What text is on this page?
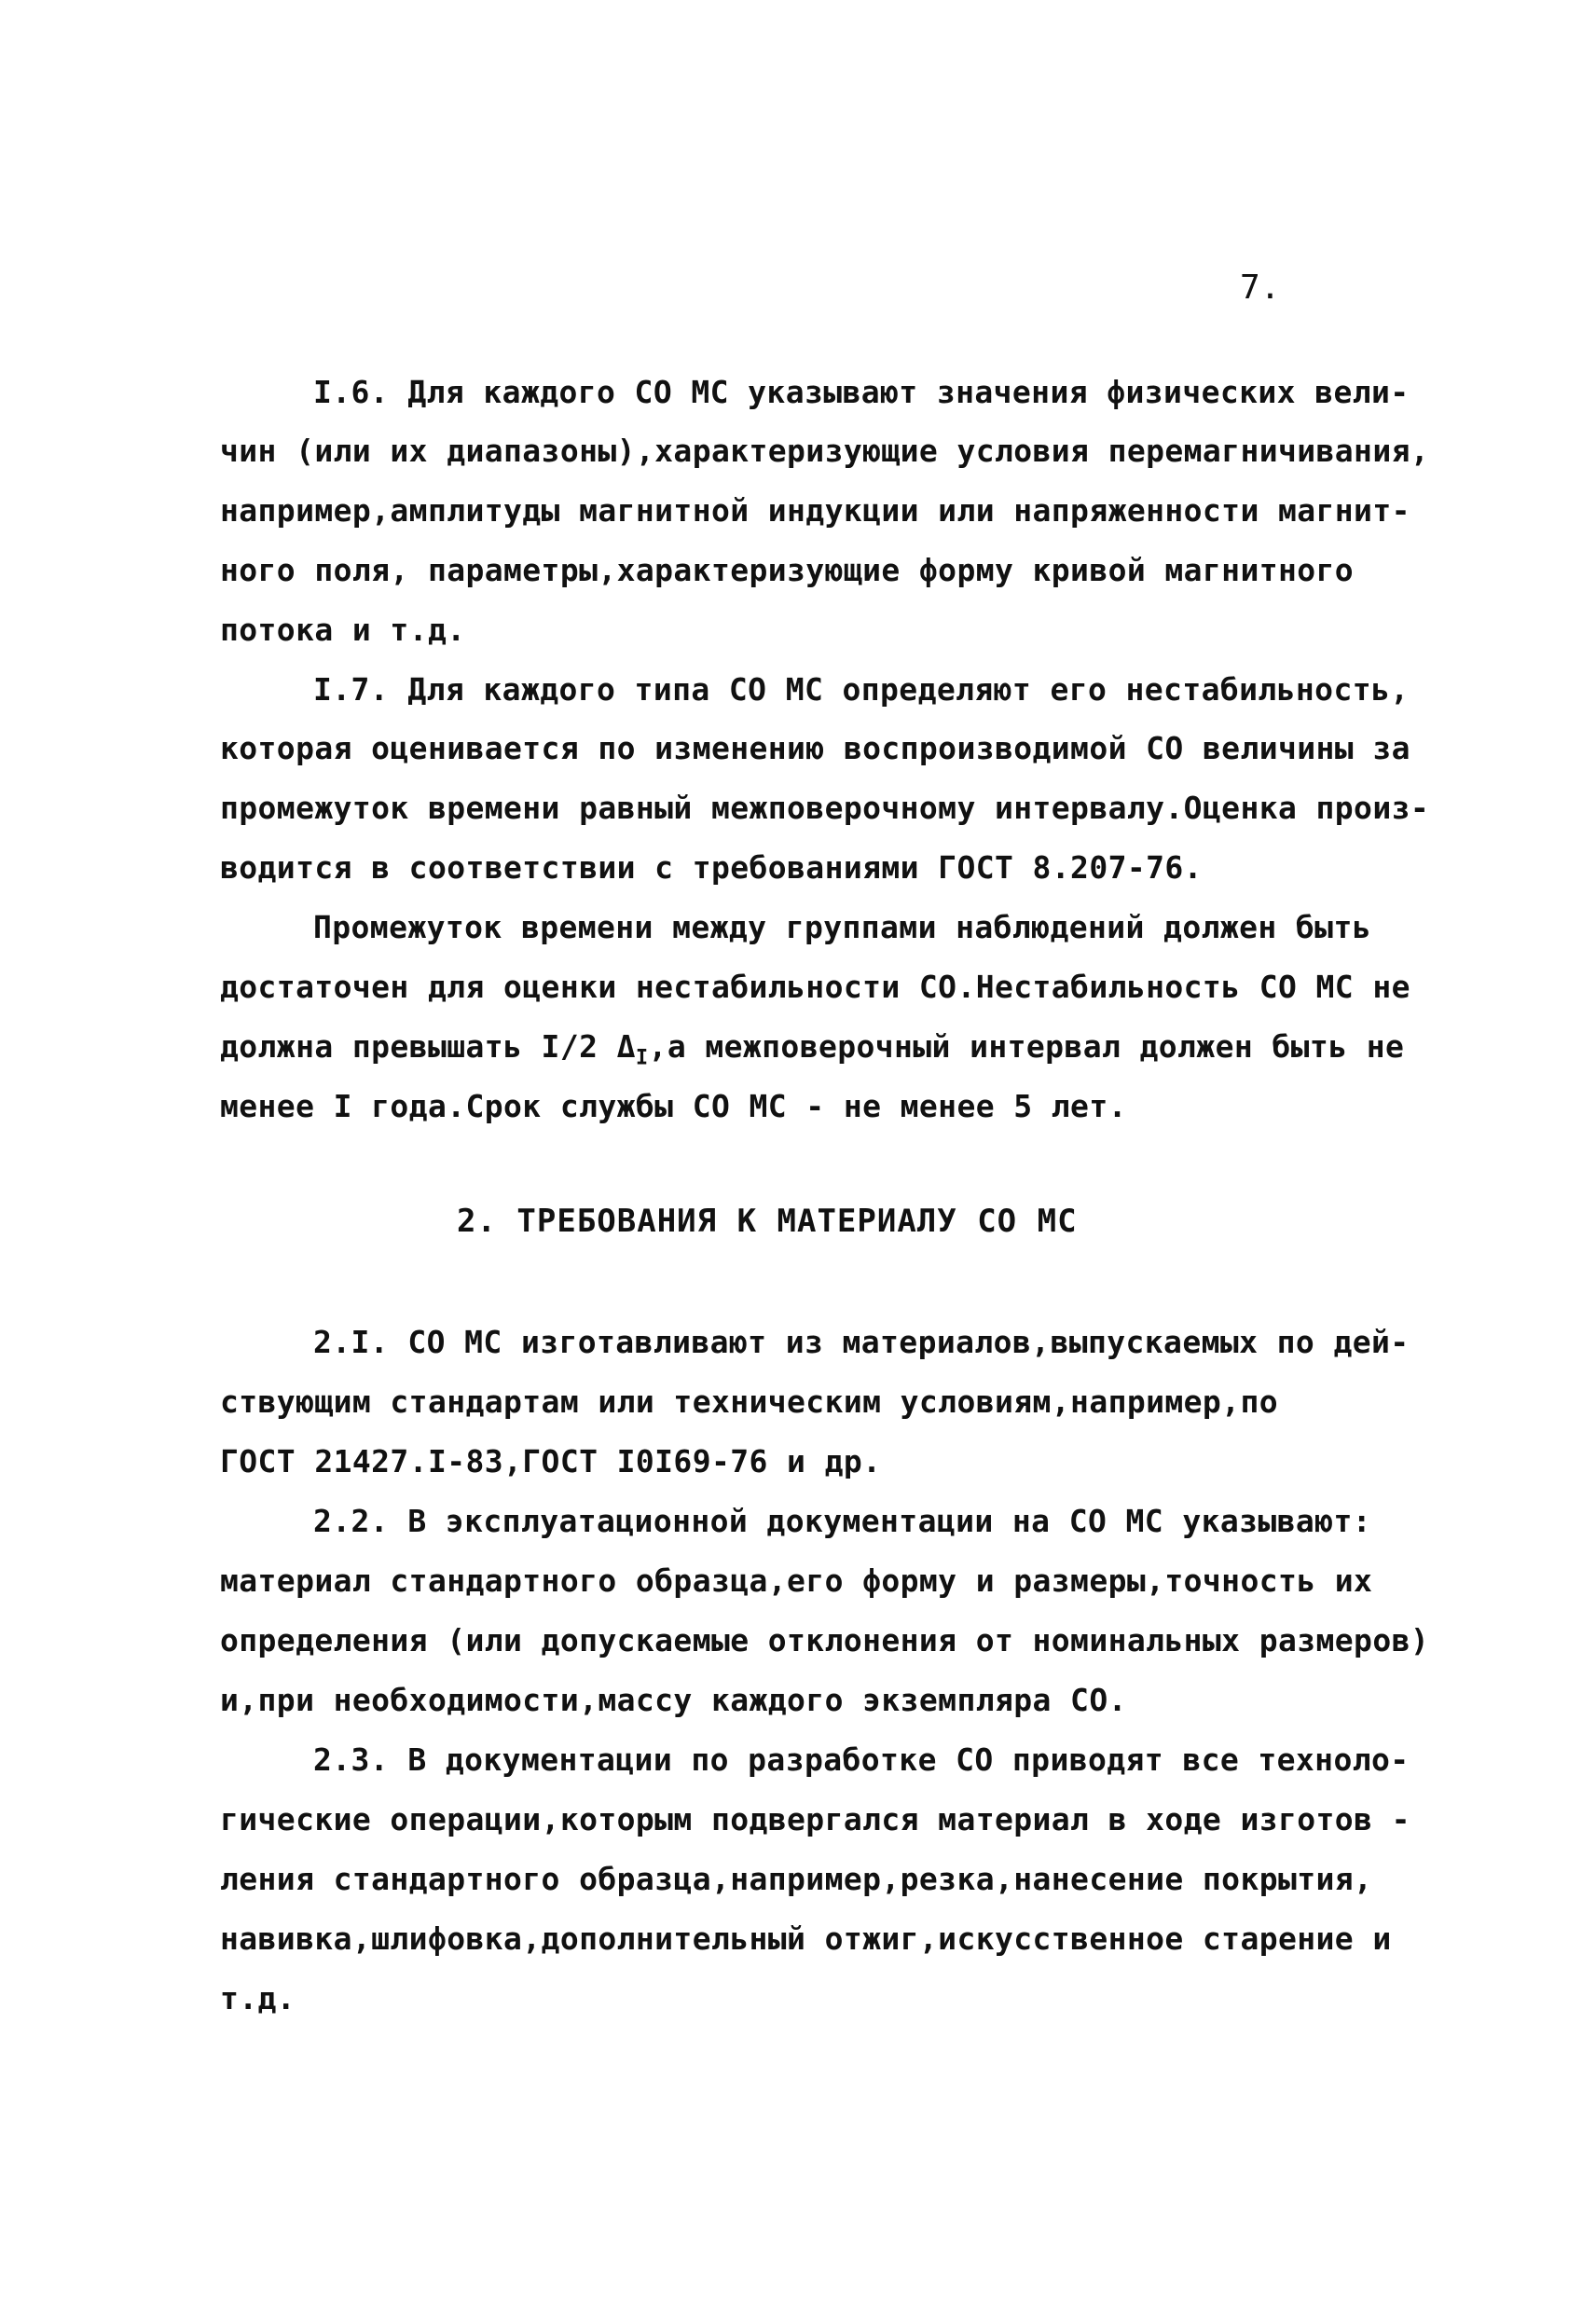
7.
I.6. Для каждого СО МС указывают значения физических вели-
чин (или их диапазоны),характеризующие условия перемагничивания,
например,амплитуды магнитной индукции или напряженности магнит-
ного поля, параметры,характеризующие форму кривой магнитного
потока и т.д.
I.7. Для каждого типа СО МС определяют его нестабильность,
которая оценивается по изменению воспроизводимой СО величины за
промежуток времени равный межповерочному интервалу.Оценка произ-
водится в соответствии с требованиями ГОСТ 8.207-76.
Промежуток времени между группами наблюдений должен быть
достаточен для оценки нестабильности СО.Нестабильность СО МС не
должна превышать I/2 $\Delta_I,а$ межповерочный интервал должен быть не
менее I года.Срок службы СО МС - не менее 5 лет.
2. ТРЕБОВАНИЯ К МАТЕРИАЛУ СО МС
2.I. СО МС изготавливают из материалов,выпускаемых по дей-
ствующим стандартам или техническим условиям,например,по
ГОСТ 21427.I-83,ГОСТ I0I69-76 и др.
2.2. В эксплуатационной документации на СО МС указывают:
материал стандартного образца,его форму и размеры,точность их
определения (или допускаемые отклонения от номинальных размеров)
и,при необходимости,массу каждого экземпляра СО.
2.3. В документации по разработке СО приводят все техноло-
гические операции,которым подвергался материал в ходе изготов -
ления стандартного образца,например,резка,нанесение покрытия,
навивка,шлифовка,дополнительный отжиг,искусственное старение и
т.д.
